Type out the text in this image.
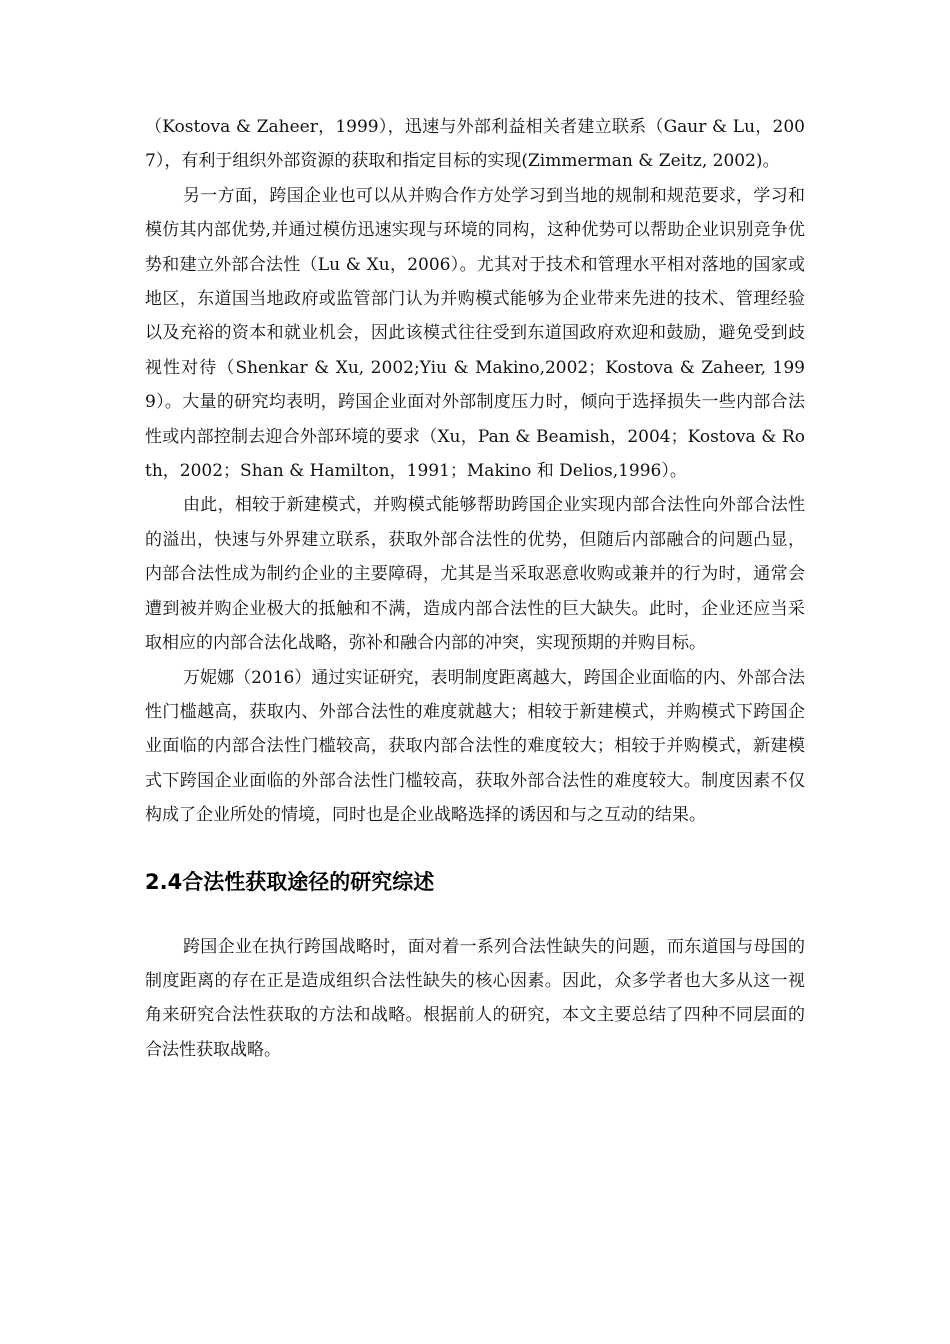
（Kostova & Zaheer，1999），迅速与外部利益相关者建立联系（Gaur & Lu，2007），有利于组织外部资源的获取和指定目标的实现(Zimmerman & Zeitz, 2002)。

另一方面，跨国企业也可以从并购合作方处学习到当地的规制和规范要求，学习和模仿其内部优势,并通过模仿迅速实现与环境的同构，这种优势可以帮助企业识别竞争优势和建立外部合法性（Lu & Xu，2006）。尤其对于技术和管理水平相对落地的国家或地区，东道国当地政府或监管部门认为并购模式能够为企业带来先进的技术、管理经验以及充裕的资本和就业机会，因此该模式往往受到东道国政府欢迎和鼓励，避免受到歧视性对待（Shenkar & Xu, 2002;Yiu & Makino,2002；Kostova & Zaheer, 1999）。大量的研究均表明，跨国企业面对外部制度压力时，倾向于选择损失一些内部合法性或内部控制去迎合外部环境的要求（Xu，Pan & Beamish，2004；Kostova & Roth，2002；Shan & Hamilton，1991；Makino 和 Delios,1996）。

由此，相较于新建模式，并购模式能够帮助跨国企业实现内部合法性向外部合法性的溢出，快速与外界建立联系，获取外部合法性的优势，但随后内部融合的问题凸显，内部合法性成为制约企业的主要障碍，尤其是当采取恶意收购或兼并的行为时，通常会遭到被并购企业极大的抵触和不满，造成内部合法性的巨大缺失。此时，企业还应当采取相应的内部合法化战略，弥补和融合内部的冲突，实现预期的并购目标。

万妮娜（2016）通过实证研究，表明制度距离越大，跨国企业面临的内、外部合法性门槛越高，获取内、外部合法性的难度就越大；相较于新建模式，并购模式下跨国企业面临的内部合法性门槛较高，获取内部合法性的难度较大；相较于并购模式，新建模式下跨国企业面临的外部合法性门槛较高，获取外部合法性的难度较大。制度因素不仅构成了企业所处的情境，同时也是企业战略选择的诱因和与之互动的结果。

2.4合法性获取途径的研究综述

跨国企业在执行跨国战略时，面对着一系列合法性缺失的问题，而东道国与母国的制度距离的存在正是造成组织合法性缺失的核心因素。因此，众多学者也大多从这一视角来研究合法性获取的方法和战略。根据前人的研究，本文主要总结了四种不同层面的合法性获取战略。
